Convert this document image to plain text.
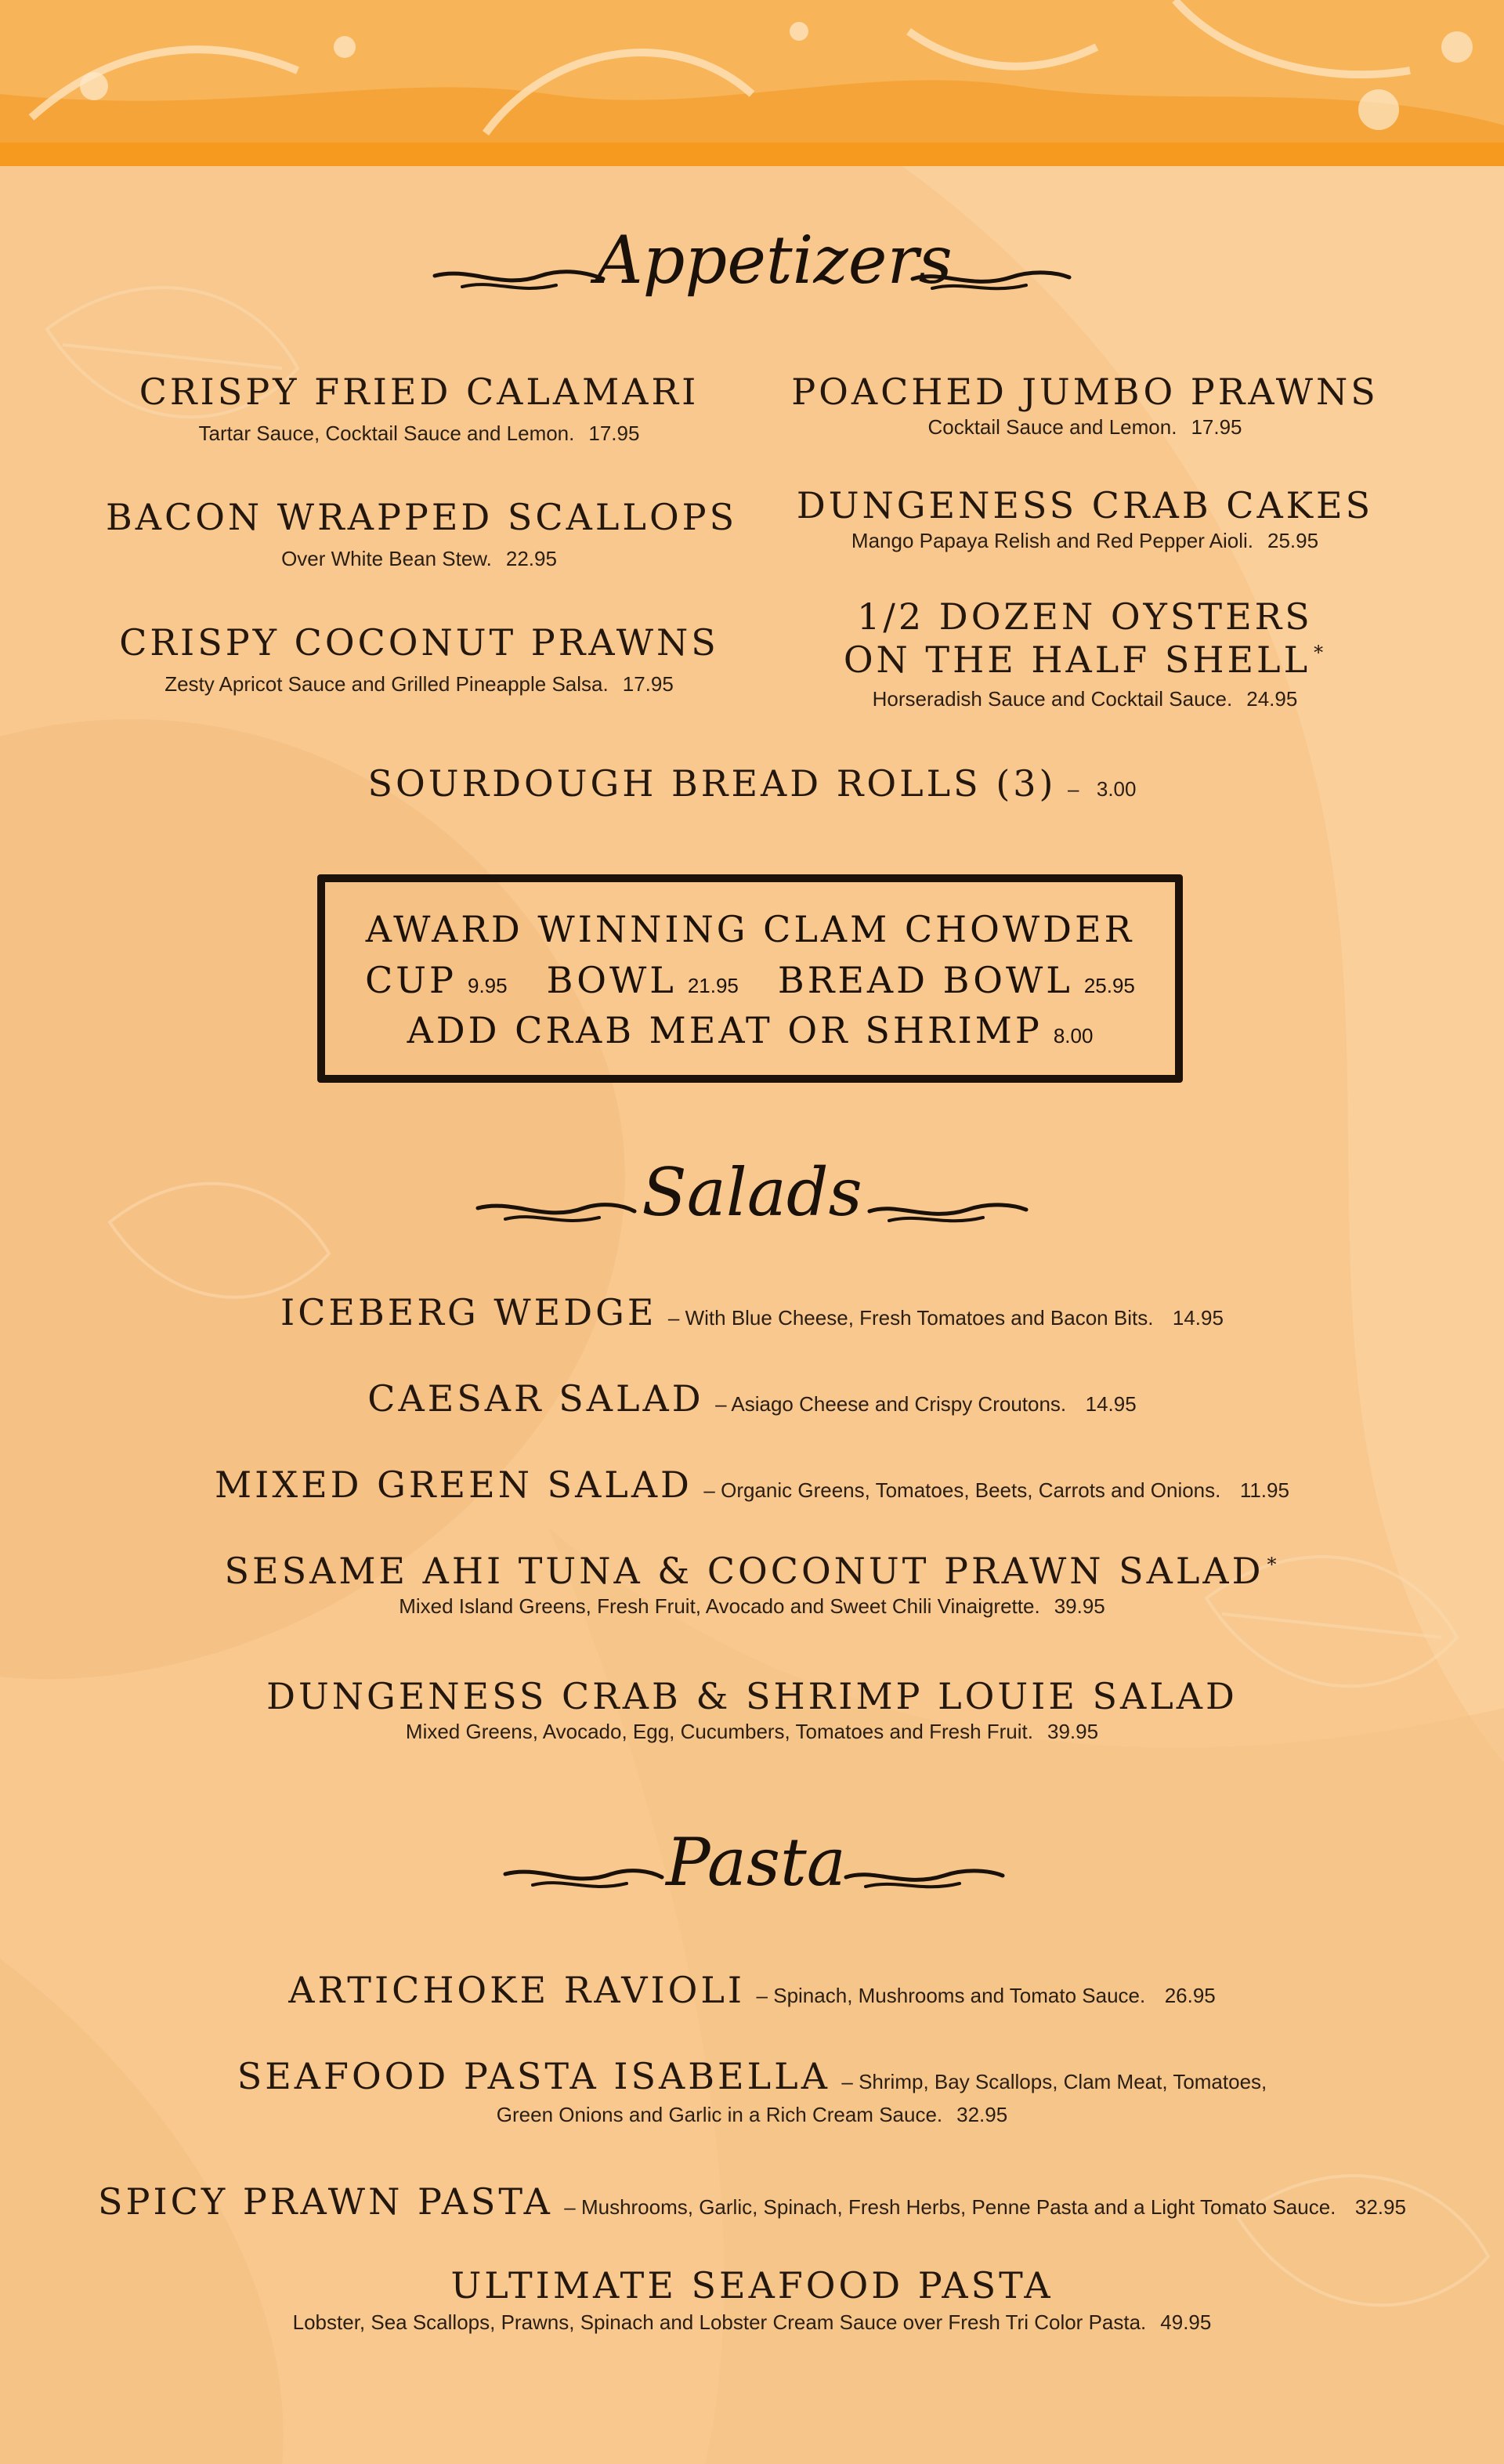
Appetizers
CRISPY FRIED CALAMARI
Tartar Sauce, Cocktail Sauce and Lemon. 17.95
BACON WRAPPED SCALLOPS
Over White Bean Stew. 22.95
CRISPY COCONUT PRAWNS
Zesty Apricot Sauce and Grilled Pineapple Salsa. 17.95
POACHED JUMBO PRAWNS
Cocktail Sauce and Lemon. 17.95
DUNGENESS CRAB CAKES
Mango Papaya Relish and Red Pepper Aioli. 25.95
1/2 DOZEN OYSTERS
ON THE HALF SHELL *
Horseradish Sauce and Cocktail Sauce. 24.95
SOURDOUGH BREAD ROLLS (3) – 3.00
AWARD WINNING CLAM CHOWDER
CUP 9.95 BOWL 21.95 BREAD BOWL 25.95
ADD CRAB MEAT OR SHRIMP 8.00
Salads
ICEBERG WEDGE – With Blue Cheese, Fresh Tomatoes and Bacon Bits. 14.95
CAESAR SALAD – Asiago Cheese and Crispy Croutons. 14.95
MIXED GREEN SALAD – Organic Greens, Tomatoes, Beets, Carrots and Onions. 11.95
SESAME AHI TUNA & COCONUT PRAWN SALAD *
Mixed Island Greens, Fresh Fruit, Avocado and Sweet Chili Vinaigrette. 39.95
DUNGENESS CRAB & SHRIMP LOUIE SALAD
Mixed Greens, Avocado, Egg, Cucumbers, Tomatoes and Fresh Fruit. 39.95
Pasta
ARTICHOKE RAVIOLI – Spinach, Mushrooms and Tomato Sauce. 26.95
SEAFOOD PASTA ISABELLA – Shrimp, Bay Scallops, Clam Meat, Tomatoes,
Green Onions and Garlic in a Rich Cream Sauce. 32.95
SPICY PRAWN PASTA – Mushrooms, Garlic, Spinach, Fresh Herbs, Penne Pasta and a Light Tomato Sauce. 32.95
ULTIMATE SEAFOOD PASTA
Lobster, Sea Scallops, Prawns, Spinach and Lobster Cream Sauce over Fresh Tri Color Pasta. 49.95
